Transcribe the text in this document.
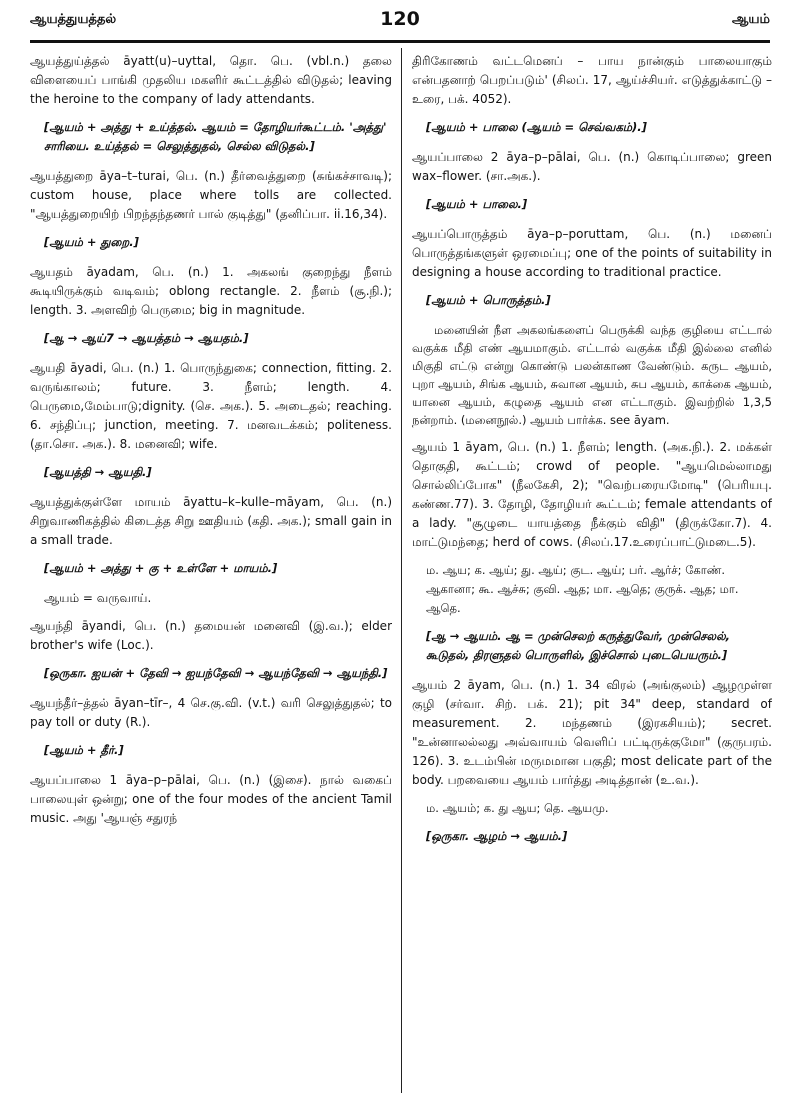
ஆயத்துயத்தல்	120	ஆயம்

ஆயத்துய்த்தல் āyatt(u)–uyttal, தொ. பெ. (vbl.n.) தலை விளையைப் பாங்கி முதலிய மகளிர் கூட்டத்தில் விடுதல்; leaving the heroine to the company of lady attendants.

[ஆயம் + அத்து + உய்த்தல். ஆயம் = தோழியர்கூட்டம். 'அத்து' சாரியை. உய்த்தல் = செலுத்துதல், செல்ல விடுதல்.]

ஆயத்துறை āya–t–turai, பெ. (n.) தீர்வைத்துறை (சுங்கச்சாவடி); custom house, place where tolls are collected. "ஆயத்துறையிற் பிறந்தந்தணர் பால் குடித்து" (தனிப்பா. ii.16,34).

[ஆயம் + துறை.]

ஆயதம் āyadam, பெ. (n.) 1. அகலங் குறைந்து நீளம் கூடியிருக்கும் வடிவம்; oblong rectangle. 2. நீளம் (சூ.நி.); length. 3. அளவிற் பெருமை; big in magnitude.

[ஆ → ஆய்7 → ஆயத்தம் → ஆயதம்.]

ஆயதி āyadi, பெ. (n.) 1. பொருந்துகை; connection, fitting. 2. வருங்காலம்; future. 3. நீளம்; length. 4. பெருமை,மேம்பாடு;dignity. (செ. அக.). 5. அடைதல்; reaching. 6. சந்திப்பு; junction, meeting. 7. மனவடக்கம்; politeness. (தா.சொ. அக.). 8. மனைவி; wife.

[ஆயத்தி → ஆயதி.]

ஆயத்துக்குள்ளே மாயம் āyattu–k–kulle–māyam, பெ. (n.) சிறுவாணிகத்தில் கிடைத்த சிறு ஊதியம் (கதி. அக.); small gain in a small trade.

[ஆயம் + அத்து + கு + உள்ளே + மாயம்.]

ஆயம் = வருவாய்.

ஆயந்தி āyandi, பெ. (n.) தமையன் மனைவி (இ.வ.); elder brother's wife (Loc.).

[ஒருகா. ஐயன் + தேவி → ஐயந்தேவி → ஆயந்தேவி → ஆயந்தி.]

ஆயந்தீர்–த்தல் āyan–tīr–, 4 செ.கு.வி. (v.t.) வரி செலுத்துதல்; to pay toll or duty (R.).

[ஆயம் + தீர்.]

ஆயப்பாலை 1 āya–p–pālai, பெ. (n.) (இசை). நால் வகைப் பாலையுள் ஒன்று; one of the four modes of the ancient Tamil music. அது 'ஆயஞ் சதுரந்

திரிகோணம் வட்டமெனப் – பாய நான்கும் பாலையாகும் என்பதனாற் பெறப்படும்' (சிலப். 17, ஆய்ச்சியர். எடுத்துக்காட்டு – உரை, பக். 4052).

[ஆயம் + பாலை (ஆயம் = செவ்வகம்).]

ஆயப்பாலை 2 āya–p–pālai, பெ. (n.) கொடிப்பாலை; green wax–flower. (சா.அக.).

[ஆயம் + பாலை.]

ஆயப்பொருத்தம் āya–p–poruttam, பெ. (n.) மனைப் பொருத்தங்களுள் ஒரமைப்பு; one of the points of suitability in designing a house according to traditional practice.

[ஆயம் + பொருத்தம்.]

மனையின் நீள அகலங்களைப் பெருக்கி வந்த குழியை எட்டால் வகுக்க மீதி எண் ஆயமாகும். எட்டால் வகுக்க மீதி இல்லை எனில் மிகுதி எட்டு என்று கொண்டு பலன்காண வேண்டும். கருட ஆயம், புறா ஆயம், சிங்க ஆயம், சுவான ஆயம், சுப ஆயம், காக்கை ஆயம், யானை ஆயம், கழுதை ஆயம் என எட்டாகும். இவற்றில் 1,3,5 நன்றாம். (மனைநூல்.) ஆயம் பார்க்க. see āyam.

ஆயம் 1 āyam, பெ. (n.) 1. நீளம்; length. (அக.நி.). 2. மக்கள் தொகுதி, கூட்டம்; crowd of people. "ஆயமெல்லாமது சொல்லிப்போக" (நீலகேசி, 2); "வெற்பரையமோடி" (பெரியபு. கண்ண.77). 3. தோழி, தோழியர் கூட்டம்; female attendants of a lady. "சூழுடை யாயத்தை நீக்கும் விதி" (திருக்கோ.7). 4. மாட்டுமந்தை; herd of cows. (சிலப்.17.உரைப்பாட்டுமடை.5).

ம. ஆய; க. ஆய்; து. ஆய்; குட. ஆய்; பர். ஆர்ச்; கோண். ஆகானா; கூ. ஆச்சு; குவி. ஆத; மா. ஆதெ; குருக். ஆத; மா. ஆதெ.

[ஆ → ஆயம். ஆ = முன்செலற் கருத்துவேர், முன்செலல், கூடுதல், திரளுதல் பொருளில், இச்சொல் புடைபெயரும்.]

ஆயம் 2 āyam, பெ. (n.) 1. 34 விரல் (அங்குலம்) ஆழமுள்ள குழி (சர்வா. சிற். பக். 21); pit 34" deep, standard of measurement. 2. மந்தணம் (இரகசியம்); secret. "உன்னாலல்லது அவ்வாயம் வெளிப் பட்டிருக்குமோ" (குருபரம். 126). 3. உடம்பின் மருமமான பகுதி; most delicate part of the body. பறவையை ஆயம் பார்த்து அடித்தான் (உ.வ.).

ம. ஆயம்; க. து ஆய; தெ. ஆயமு.

[ஒருகா. ஆழம் → ஆயம்.]
